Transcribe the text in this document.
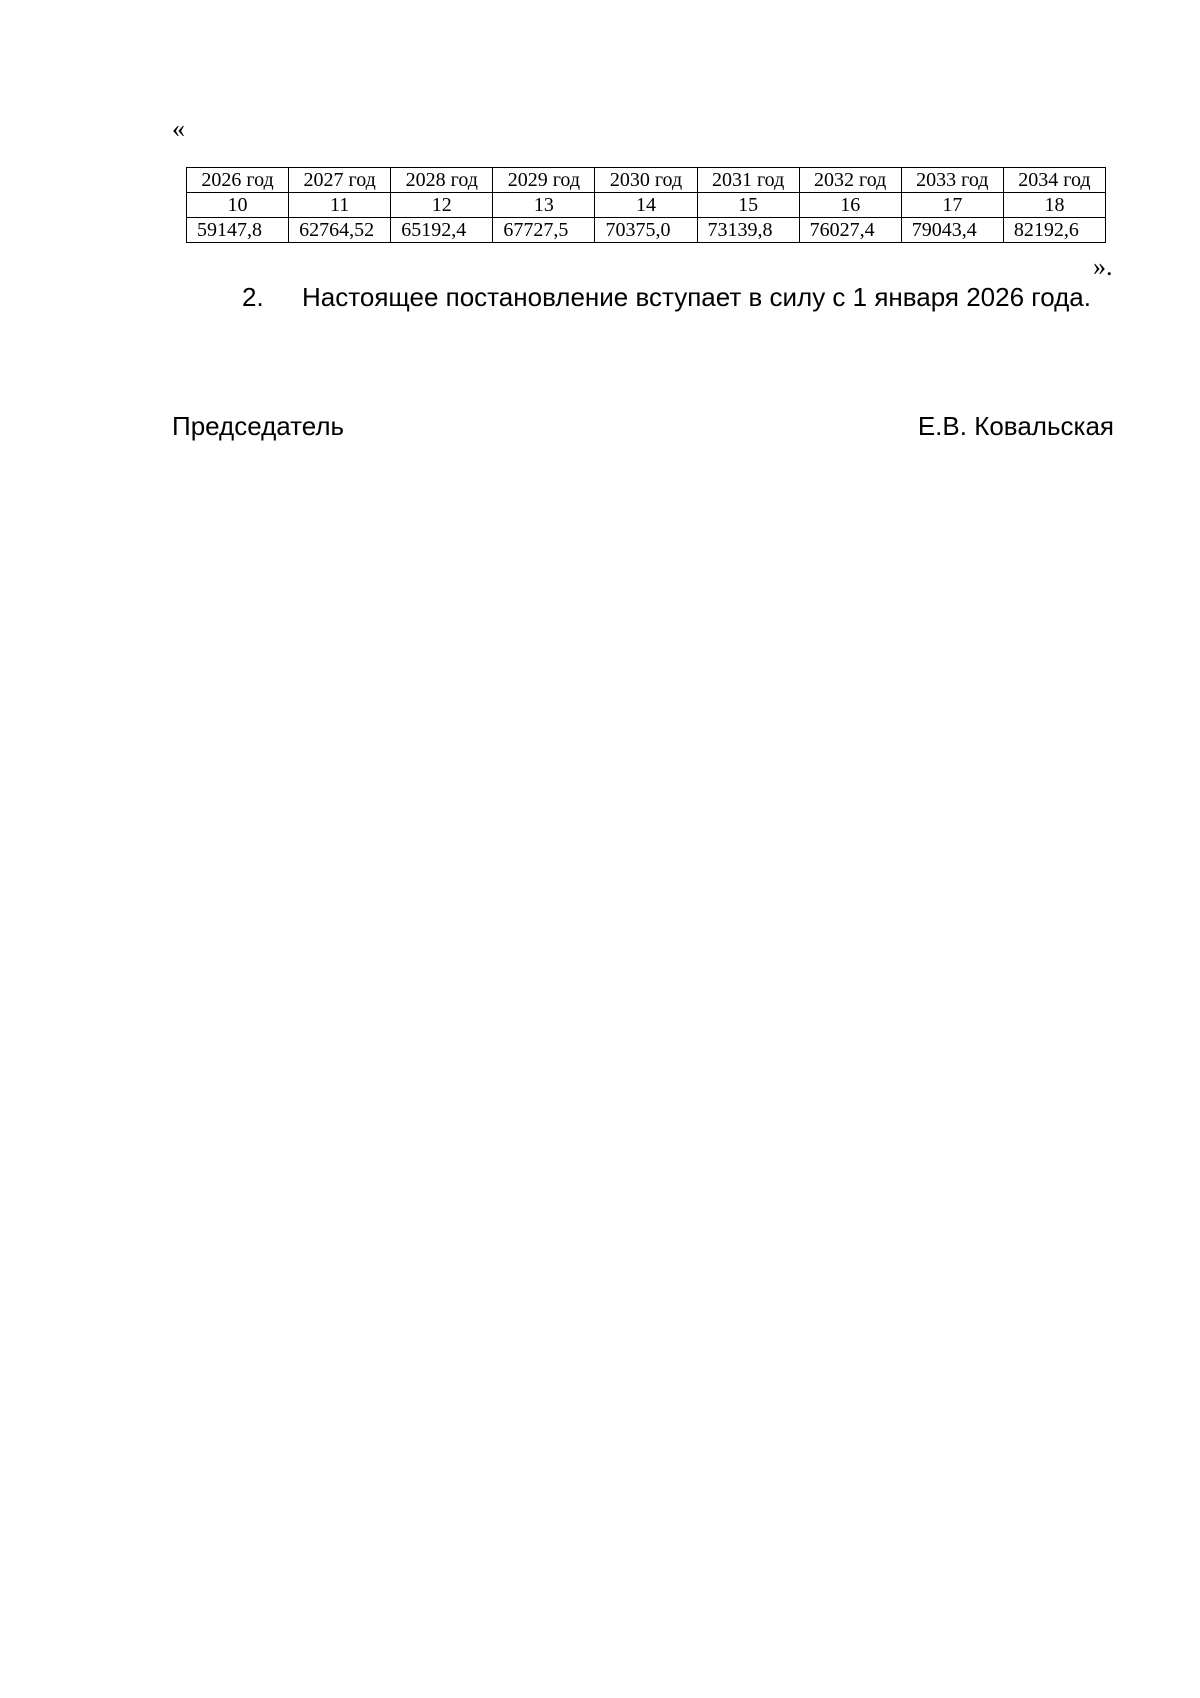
«
2026 год	2027 год	2028 год	2029 год	2030 год	2031 год	2032 год	2033 год	2034 год
10	11	12	13	14	15	16	17	18
59147,8	62764,52	65192,4	67727,5	70375,0	73139,8	76027,4	79043,4	82192,6
».
2. Настоящее постановление вступает в силу с 1 января 2026 года.
Председатель	Е.В. Ковальская
